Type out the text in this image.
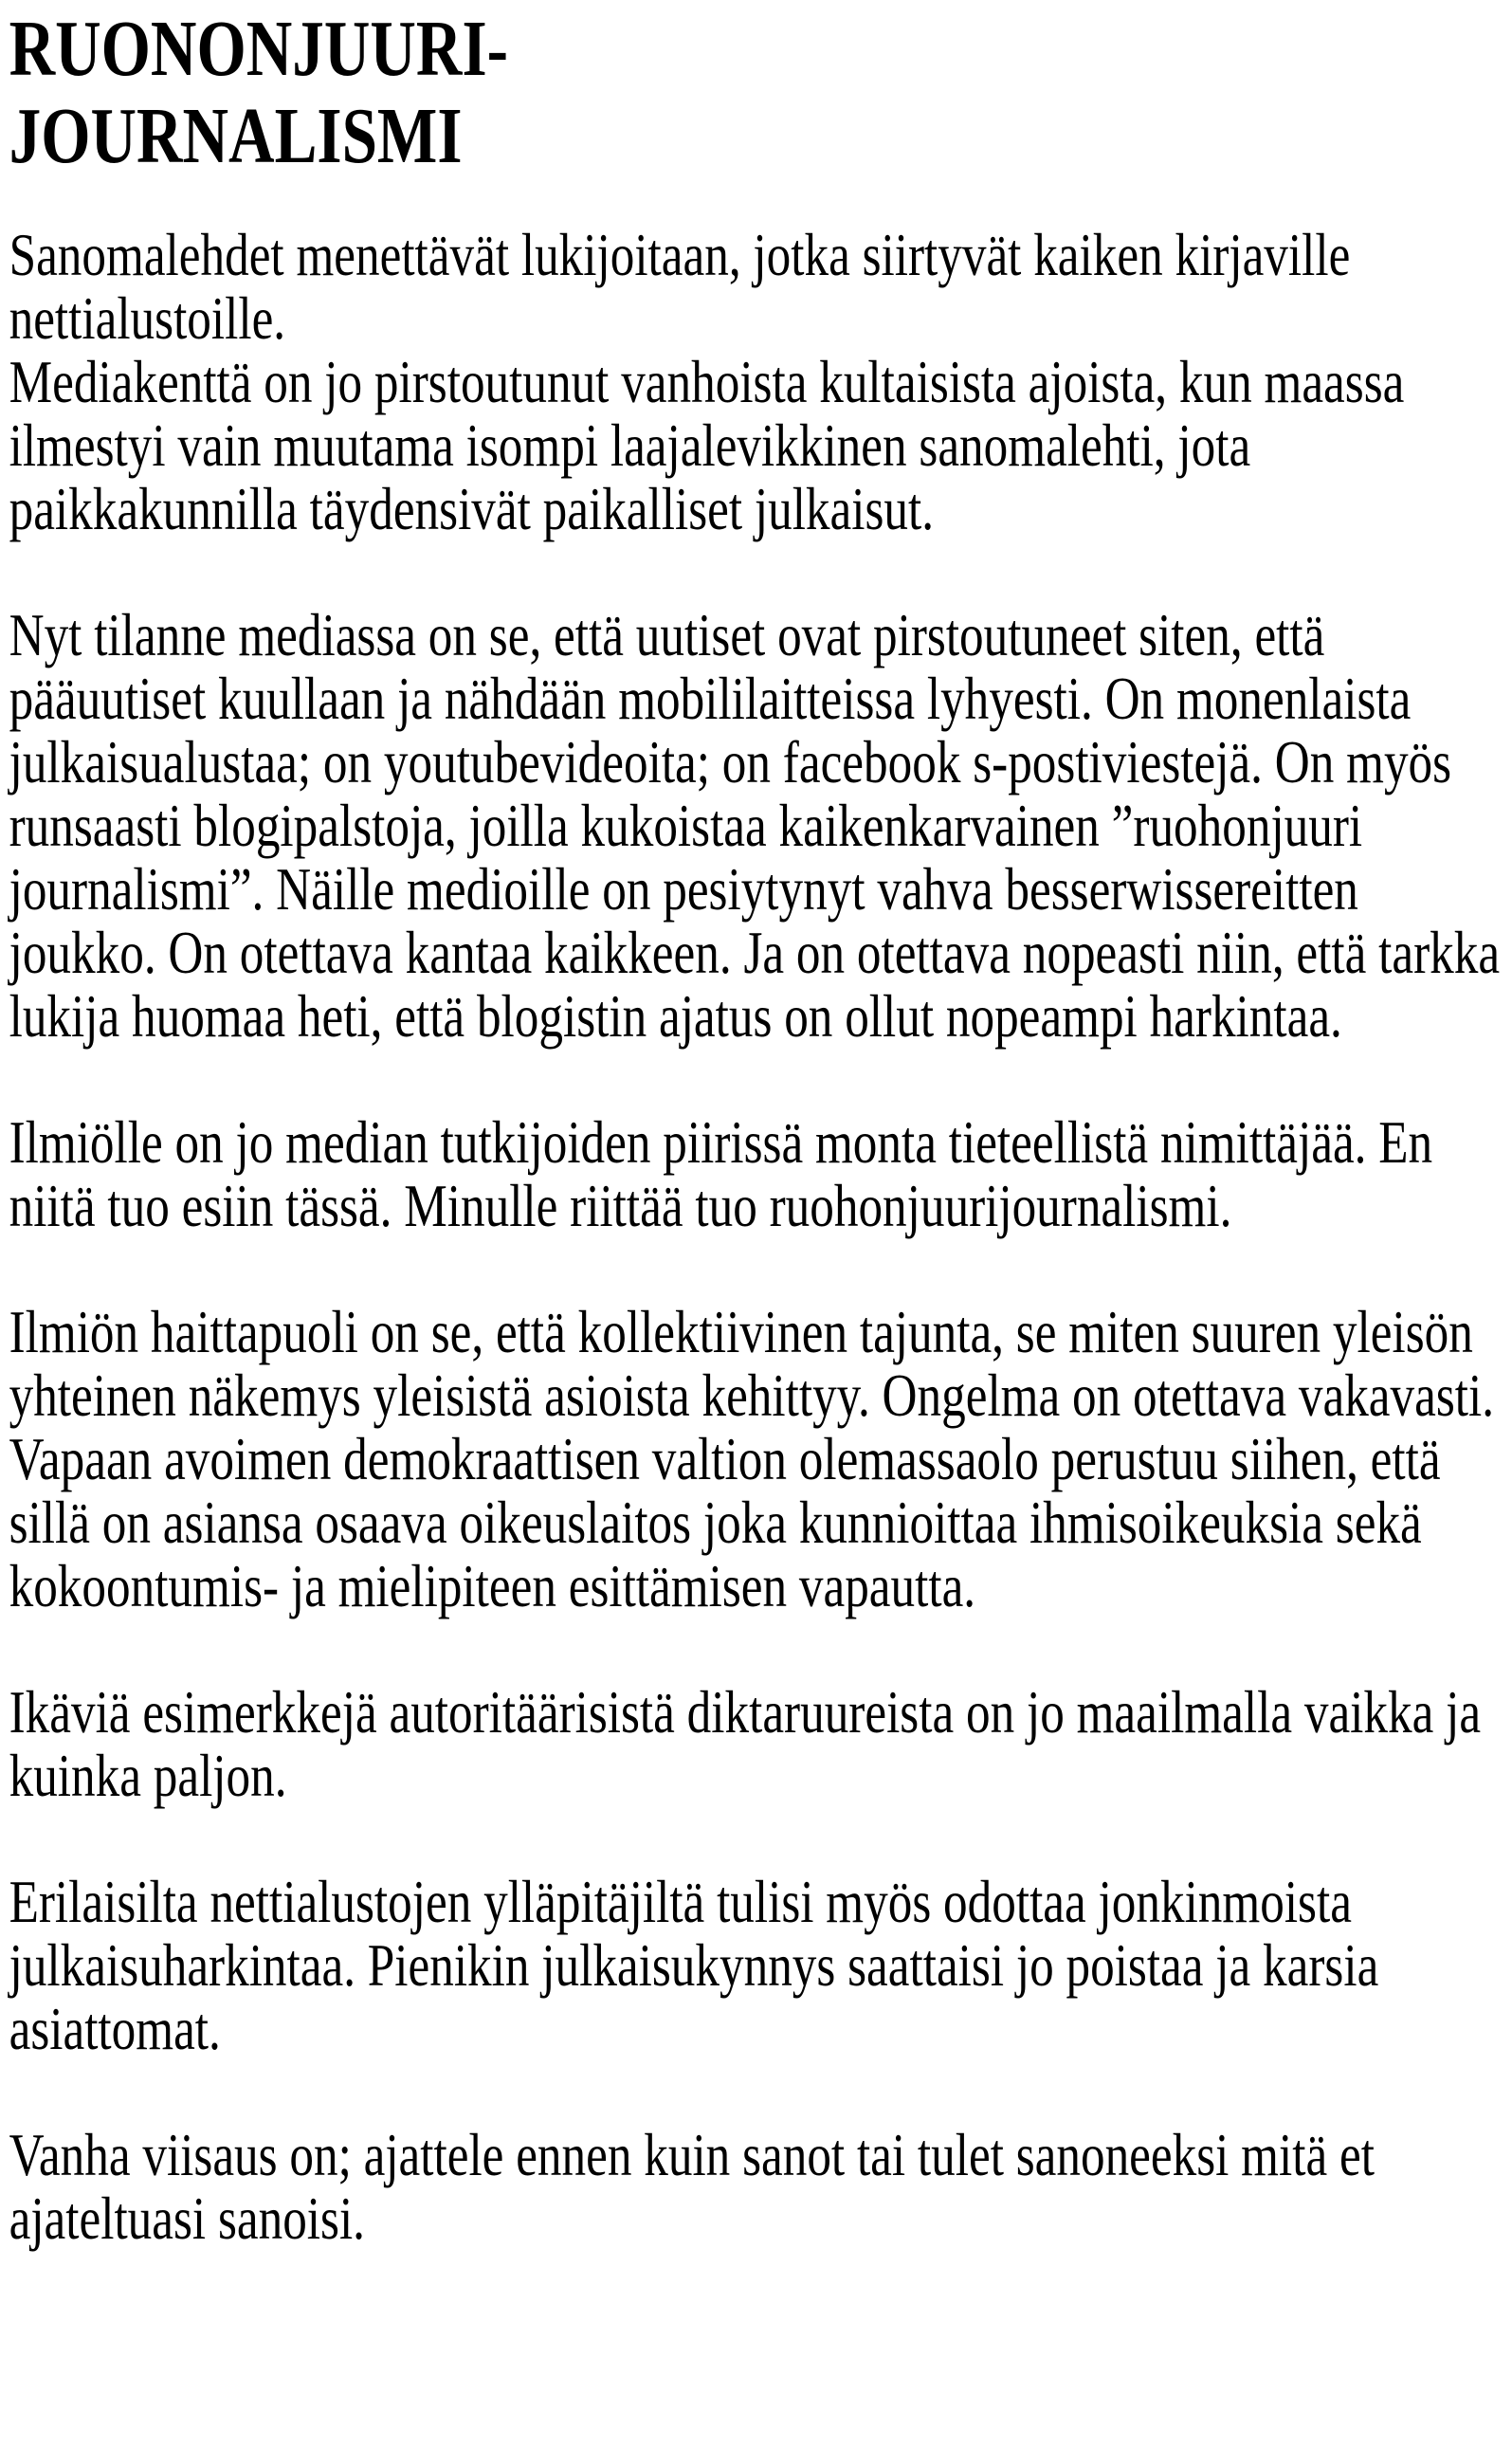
RUONONJUURI-
JOURNALISMI

Sanomalehdet menettävät lukijoitaan, jotka siirtyvät kaiken kirjaville nettialustoille.

Mediakenttä on jo pirstoutunut vanhoista kultaisista ajoista, kun maassa ilmestyi vain muutama isompi laajalevikkinen sanomalehti, jota paikkakunnilla täydensivät paikalliset julkaisut.

Nyt tilanne mediassa on se, että uutiset ovat pirstoutuneet siten, että pääuutiset kuullaan ja nähdään mobililaitteissa lyhyesti. On monenlaista julkaisualustaa; on youtubevideoita; on facebook s-postiviestejä. On myös runsaasti blogipalstoja, joilla kukoistaa kaikenkarvainen ”ruohonjuuri journalismi”. Näille medioille on pesiytynyt vahva besserwissereitten joukko. On otettava kantaa kaikkeen. Ja on otettava nopeasti niin, että tarkka lukija huomaa heti, että blogistin ajatus on ollut nopeampi harkintaa.

Ilmiölle on jo median tutkijoiden piirissä monta tieteellistä nimittäjää. En niitä tuo esiin tässä. Minulle riittää tuo ruohonjuurijournalismi.

Ilmiön haittapuoli on se, että kollektiivinen tajunta, se miten suuren yleisön yhteinen näkemys yleisistä asioista kehittyy. Ongelma on otettava vakavasti. Vapaan avoimen demokraattisen valtion olemassaolo perustuu siihen, että sillä on asiansa osaava oikeuslaitos joka kunnioittaa ihmisoikeuksia sekä kokoontumis- ja mielipiteen esittämisen vapautta.

Ikäviä esimerkkejä autoritäärisistä diktaruureista on jo maailmalla vaikka ja kuinka paljon.

Erilaisilta nettialustojen ylläpitäjiltä tulisi myös odottaa jonkinmoista julkaisuharkintaa. Pienikin julkaisukynnys saattaisi jo poistaa ja karsia asiattomat.

Vanha viisaus on; ajattele ennen kuin sanot tai tulet sanoneeksi mitä et ajateltuasi sanoisi.
